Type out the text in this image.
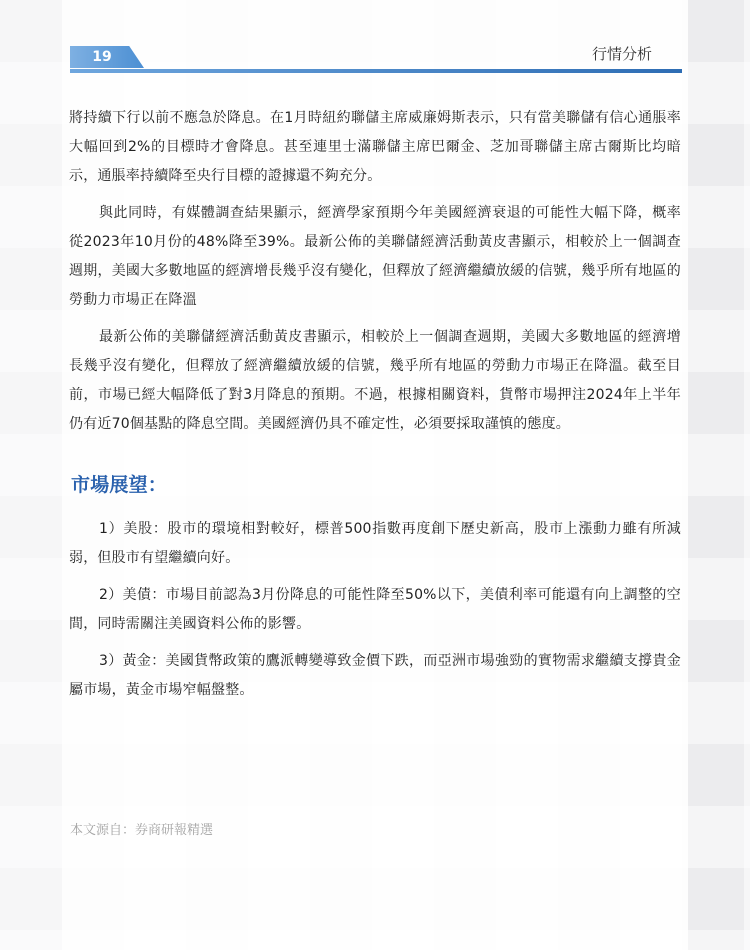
19	行情分析

將持續下行以前不應急於降息。在1月時紐約聯儲主席威廉姆斯表示，只有當美聯儲有信心通脹率大幅回到2%的目標時才會降息。甚至連里士滿聯儲主席巴爾金、芝加哥聯儲主席古爾斯比均暗示，通脹率持續降至央行目標的證據還不夠充分。

與此同時，有媒體調查結果顯示，經濟學家預期今年美國經濟衰退的可能性大幅下降，概率從2023年10月份的48%降至39%。最新公佈的美聯儲經濟活動黃皮書顯示，相較於上一個調查週期，美國大多數地區的經濟增長幾乎沒有變化，但釋放了經濟繼續放緩的信號，幾乎所有地區的勞動力市場正在降溫

最新公佈的美聯儲經濟活動黃皮書顯示，相較於上一個調查週期，美國大多數地區的經濟增長幾乎沒有變化，但釋放了經濟繼續放緩的信號，幾乎所有地區的勞動力市場正在降溫。截至目前，市場已經大幅降低了對3月降息的預期。不過，根據相關資料，貨幣市場押注2024年上半年仍有近70個基點的降息空間。美國經濟仍具不確定性，必須要採取謹慎的態度。

市場展望：

1）美股：股市的環境相對較好，標普500指數再度創下歷史新高，股市上漲動力雖有所減弱，但股市有望繼續向好。

2）美債：市場目前認為3月份降息的可能性降至50%以下，美債利率可能還有向上調整的空間，同時需關注美國資料公佈的影響。

3）黃金：美國貨幣政策的鷹派轉變導致金價下跌，而亞洲市場強勁的實物需求繼續支撐貴金屬市場，黃金市場窄幅盤整。

本文源自：券商研報精選
